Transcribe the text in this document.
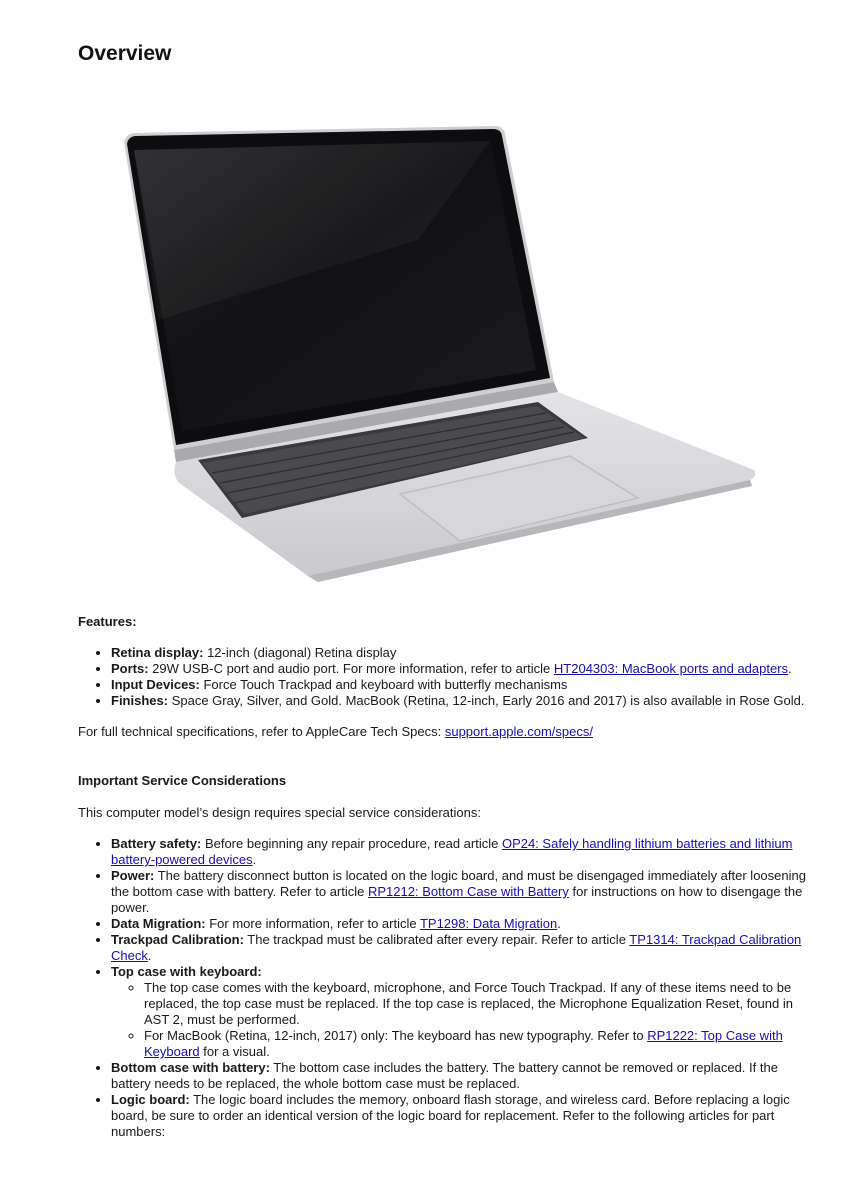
Overview

Features:

• Retina display: 12-inch (diagonal) Retina display
• Ports: 29W USB-C port and audio port. For more information, refer to article HT204303: MacBook ports and adapters.
• Input Devices: Force Touch Trackpad and keyboard with butterfly mechanisms
• Finishes: Space Gray, Silver, and Gold. MacBook (Retina, 12-inch, Early 2016 and 2017) is also available in Rose Gold.

For full technical specifications, refer to AppleCare Tech Specs: support.apple.com/specs/

Important Service Considerations

This computer model’s design requires special service considerations:

• Battery safety: Before beginning any repair procedure, read article OP24: Safely handling lithium batteries and lithium battery-powered devices.
• Power: The battery disconnect button is located on the logic board, and must be disengaged immediately after loosening the bottom case with battery. Refer to article RP1212: Bottom Case with Battery for instructions on how to disengage the power.
• Data Migration: For more information, refer to article TP1298: Data Migration.
• Trackpad Calibration: The trackpad must be calibrated after every repair. Refer to article TP1314: Trackpad Calibration Check.
• Top case with keyboard:
◦ The top case comes with the keyboard, microphone, and Force Touch Trackpad. If any of these items need to be replaced, the top case must be replaced. If the top case is replaced, the Microphone Equalization Reset, found in AST 2, must be performed.
◦ For MacBook (Retina, 12-inch, 2017) only: The keyboard has new typography. Refer to RP1222: Top Case with Keyboard for a visual.
• Bottom case with battery: The bottom case includes the battery. The battery cannot be removed or replaced. If the battery needs to be replaced, the whole bottom case must be replaced.
• Logic board: The logic board includes the memory, onboard flash storage, and wireless card. Before replacing a logic board, be sure to order an identical version of the logic board for replacement. Refer to the following articles for part numbers:
